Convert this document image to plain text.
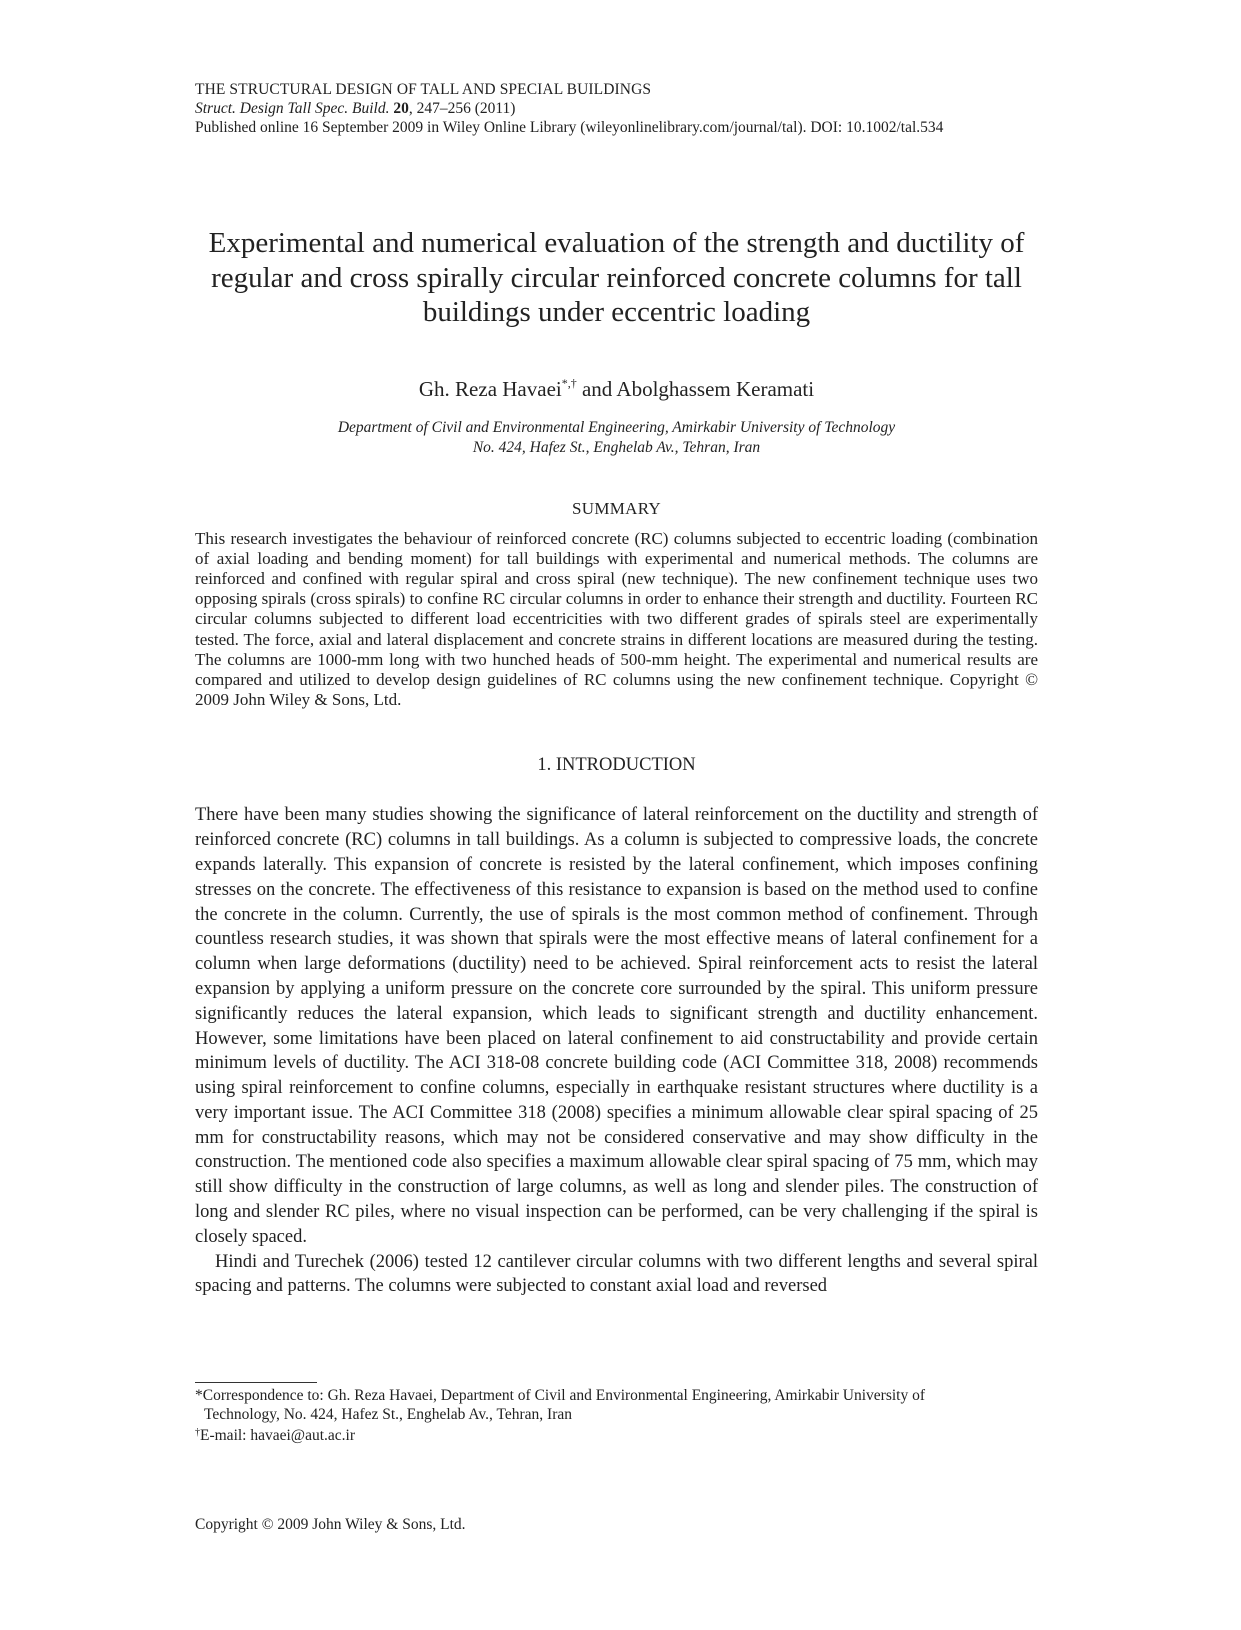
THE STRUCTURAL DESIGN OF TALL AND SPECIAL BUILDINGS
Struct. Design Tall Spec. Build. 20, 247–256 (2011)
Published online 16 September 2009 in Wiley Online Library (wileyonlinelibrary.com/journal/tal). DOI: 10.1002/tal.534
Experimental and numerical evaluation of the strength and ductility of regular and cross spirally circular reinforced concrete columns for tall buildings under eccentric loading
Gh. Reza Havaei*,† and Abolghassem Keramati
Department of Civil and Environmental Engineering, Amirkabir University of Technology
No. 424, Hafez St., Enghelab Av., Tehran, Iran
SUMMARY
This research investigates the behaviour of reinforced concrete (RC) columns subjected to eccentric loading (combination of axial loading and bending moment) for tall buildings with experimental and numerical methods. The columns are reinforced and confined with regular spiral and cross spiral (new technique). The new confinement technique uses two opposing spirals (cross spirals) to confine RC circular columns in order to enhance their strength and ductility. Fourteen RC circular columns subjected to different load eccentricities with two different grades of spirals steel are experimentally tested. The force, axial and lateral displacement and concrete strains in different locations are measured during the testing. The columns are 1000-mm long with two hunched heads of 500-mm height. The experimental and numerical results are compared and utilized to develop design guidelines of RC columns using the new confinement technique. Copyright © 2009 John Wiley & Sons, Ltd.
1. INTRODUCTION

There have been many studies showing the significance of lateral reinforcement on the ductility and strength of reinforced concrete (RC) columns in tall buildings. As a column is subjected to compressive loads, the concrete expands laterally. This expansion of concrete is resisted by the lateral confinement, which imposes confining stresses on the concrete. The effectiveness of this resistance to expansion is based on the method used to confine the concrete in the column. Currently, the use of spirals is the most common method of confinement. Through countless research studies, it was shown that spirals were the most effective means of lateral confinement for a column when large deformations (ductility) need to be achieved. Spiral reinforcement acts to resist the lateral expansion by applying a uniform pressure on the concrete core surrounded by the spiral. This uniform pressure significantly reduces the lateral expansion, which leads to significant strength and ductility enhancement. However, some limitations have been placed on lateral confinement to aid constructability and provide certain minimum levels of ductility. The ACI 318-08 concrete building code (ACI Committee 318, 2008) recommends using spiral reinforcement to confine columns, especially in earthquake resistant structures where ductility is a very important issue. The ACI Committee 318 (2008) specifies a minimum allowable clear spiral spacing of 25 mm for constructability reasons, which may not be considered conservative and may show difficulty in the construction. The mentioned code also specifies a maximum allowable clear spiral spacing of 75 mm, which may still show difficulty in the construction of large columns, as well as long and slender piles. The construction of long and slender RC piles, where no visual inspection can be performed, can be very challenging if the spiral is closely spaced.

Hindi and Turechek (2006) tested 12 cantilever circular columns with two different lengths and several spiral spacing and patterns. The columns were subjected to constant axial load and reversed

*Correspondence to: Gh. Reza Havaei, Department of Civil and Environmental Engineering, Amirkabir University of
Technology, No. 424, Hafez St., Enghelab Av., Tehran, Iran
†E-mail: havaei@aut.ac.ir
Copyright © 2009 John Wiley & Sons, Ltd.
